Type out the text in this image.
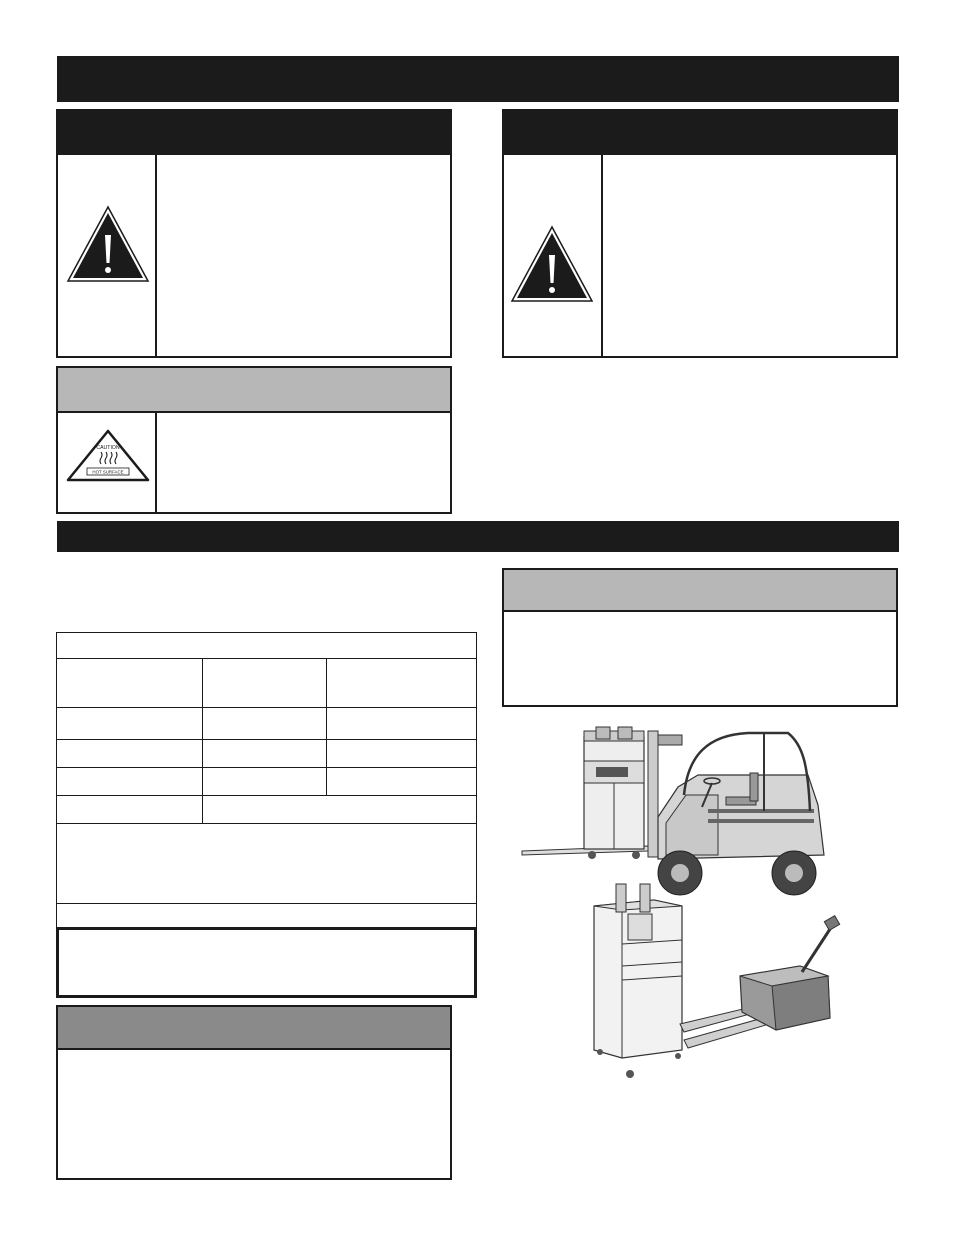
CAUTION
HOT SURFACE
